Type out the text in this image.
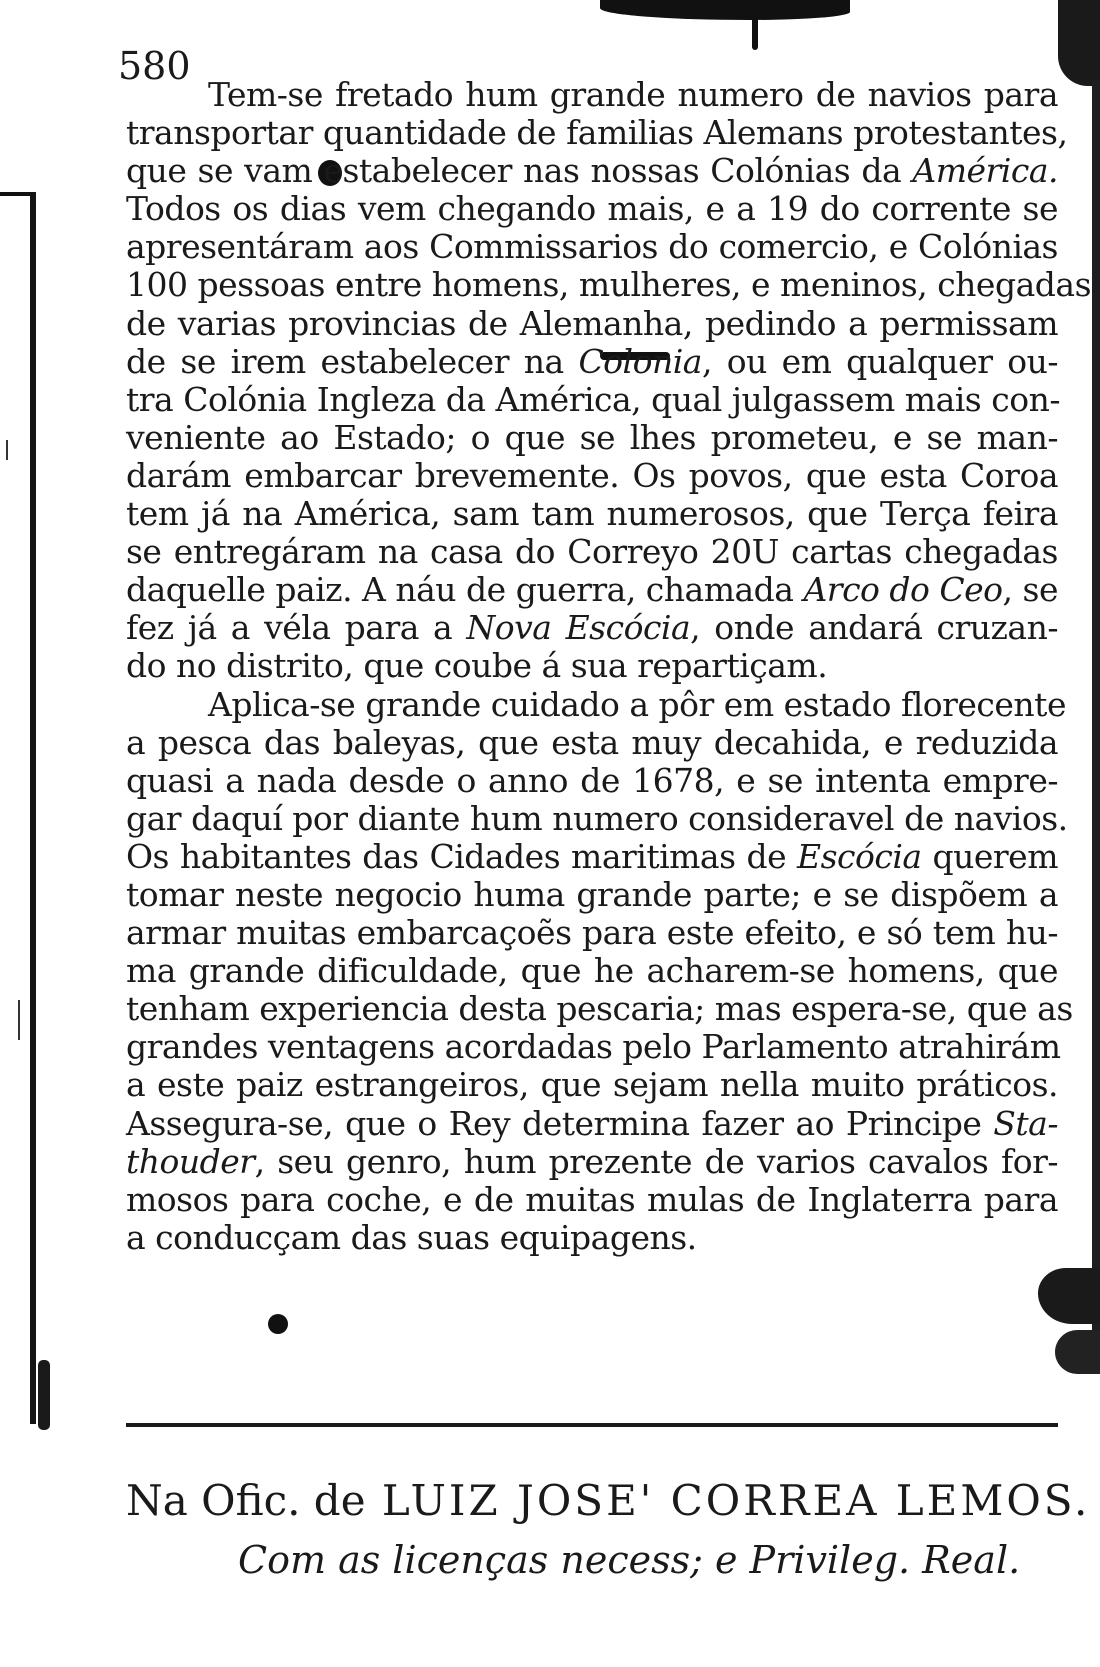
580

Tem-se fretado hum grande numero de navios para
transportar quantidade de familias Alemans protestantes,
que se vam estabelecer nas nossas Colónias da América.
Todos os dias vem chegando mais, e a 19 do corrente se
apresentáram aos Commissarios do comercio, e Colónias
100 pessoas entre homens, mulheres, e meninos, chegadas
de varias provincias de Alemanha, pedindo a permissam
de se irem estabelecer na Colonia, ou em qualquer ou-
tra Colónia Ingleza da América, qual julgassem mais con-
veniente ao Estado; o que se lhes prometeu, e se man-
darám embarcar brevemente. Os povos, que esta Coroa
tem já na América, sam tam numerosos, que Terça feira
se entregáram na casa do Correyo 20U cartas chegadas
daquelle paiz. A náu de guerra, chamada Arco do Ceo, se
fez já a véla para a Nova Escócia, onde andará cruzan-
do no distrito, que coube á sua repartiçam.

Aplica-se grande cuidado a pôr em estado florecente
a pesca das baleyas, que esta muy decahida, e reduzida
quasi a nada desde o anno de 1678, e se intenta empre-
gar daquí por diante hum numero consideravel de navios.
Os habitantes das Cidades maritimas de Escócia querem
tomar neste negocio huma grande parte; e se dispõem a
armar muitas embarcaçoẽs para este efeito, e só tem hu-
ma grande dificuldade, que he acharem-se homens, que
tenham experiencia desta pescaria; mas espera-se, que as
grandes ventagens acordadas pelo Parlamento atrahirám
a este paiz estrangeiros, que sejam nella muito práticos.
Assegura-se, que o Rey determina fazer ao Principe Sta-
thouder, seu genro, hum prezente de varios cavalos for-
mosos para coche, e de muitas mulas de Inglaterra para
a conducçam das suas equipagens.

Na Ofic. de LUIZ JOSE' CORREA LEMOS.

Com as licenças necess; e Privileg. Real.
